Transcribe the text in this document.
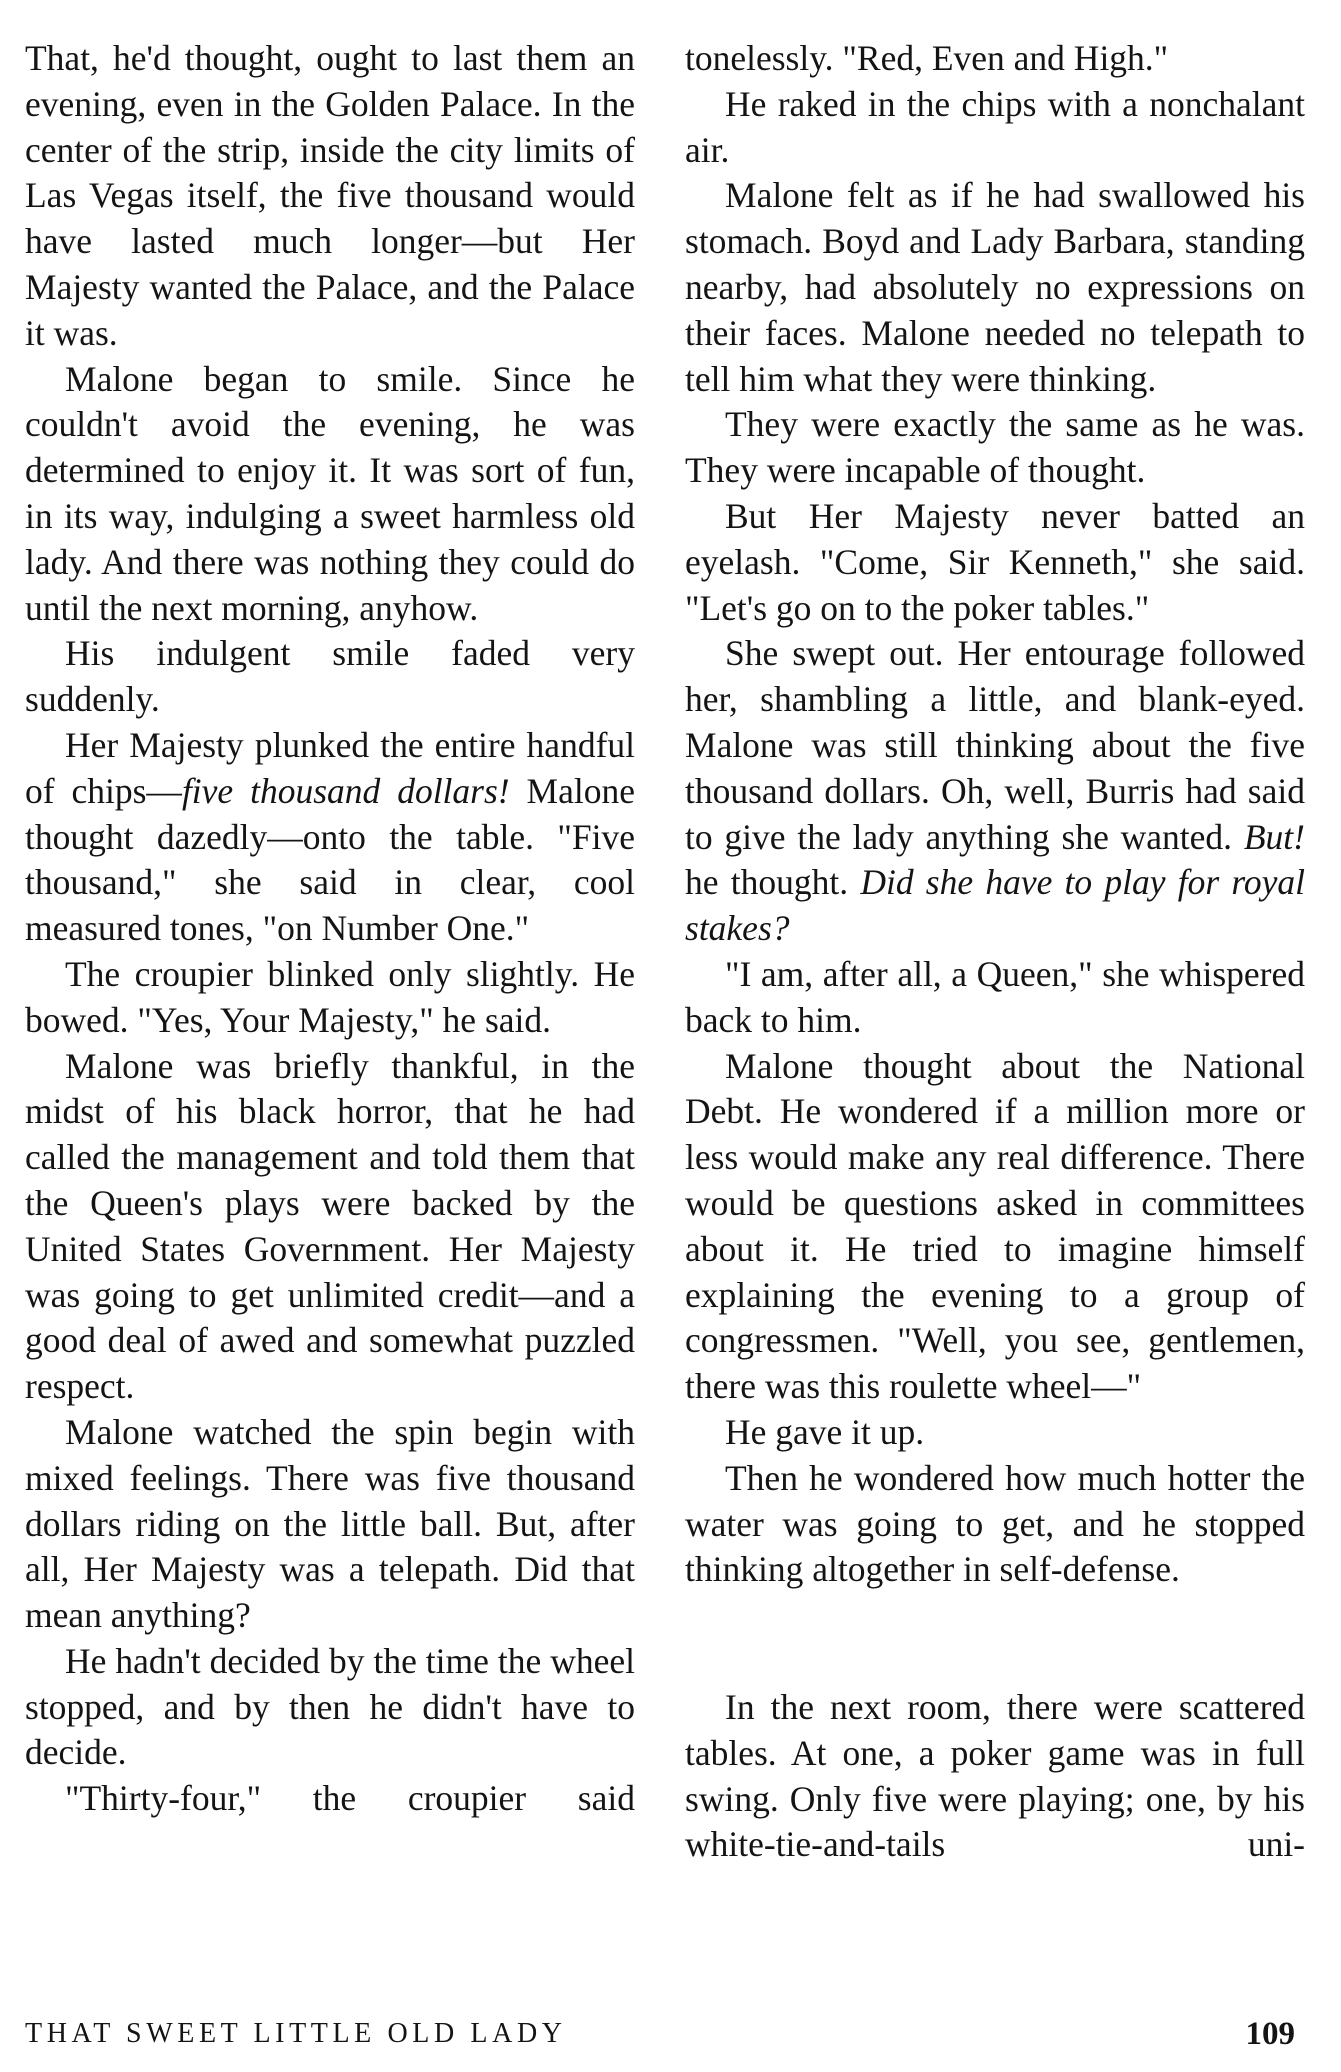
That, he'd thought, ought to last them an evening, even in the Golden Palace. In the center of the strip, inside the city limits of Las Vegas itself, the five thousand would have lasted much longer—but Her Majesty wanted the Palace, and the Palace it was.

Malone began to smile. Since he couldn't avoid the evening, he was determined to enjoy it. It was sort of fun, in its way, indulging a sweet harmless old lady. And there was nothing they could do until the next morning, anyhow.

His indulgent smile faded very suddenly.

Her Majesty plunked the entire handful of chips—five thousand dollars! Malone thought dazedly—onto the table. "Five thousand," she said in clear, cool measured tones, "on Number One."

The croupier blinked only slightly. He bowed. "Yes, Your Majesty," he said.

Malone was briefly thankful, in the midst of his black horror, that he had called the management and told them that the Queen's plays were backed by the United States Government. Her Majesty was going to get unlimited credit—and a good deal of awed and somewhat puzzled respect.

Malone watched the spin begin with mixed feelings. There was five thousand dollars riding on the little ball. But, after all, Her Majesty was a telepath. Did that mean anything?

He hadn't decided by the time the wheel stopped, and by then he didn't have to decide.

"Thirty-four," the croupier said

tonelessly. "Red, Even and High."

He raked in the chips with a nonchalant air.

Malone felt as if he had swallowed his stomach. Boyd and Lady Barbara, standing nearby, had absolutely no expressions on their faces. Malone needed no telepath to tell him what they were thinking.

They were exactly the same as he was. They were incapable of thought.

But Her Majesty never batted an eyelash. "Come, Sir Kenneth," she said. "Let's go on to the poker tables."

She swept out. Her entourage followed her, shambling a little, and blank-eyed. Malone was still thinking about the five thousand dollars. Oh, well, Burris had said to give the lady anything she wanted. But! he thought. Did she have to play for royal stakes?

"I am, after all, a Queen," she whispered back to him.

Malone thought about the National Debt. He wondered if a million more or less would make any real difference. There would be questions asked in committees about it. He tried to imagine himself explaining the evening to a group of congressmen. "Well, you see, gentlemen, there was this roulette wheel—"

He gave it up.

Then he wondered how much hotter the water was going to get, and he stopped thinking altogether in self-defense.

In the next room, there were scattered tables. At one, a poker game was in full swing. Only five were playing; one, by his white-tie-and-tails uni-

THAT SWEET LITTLE OLD LADY	109
